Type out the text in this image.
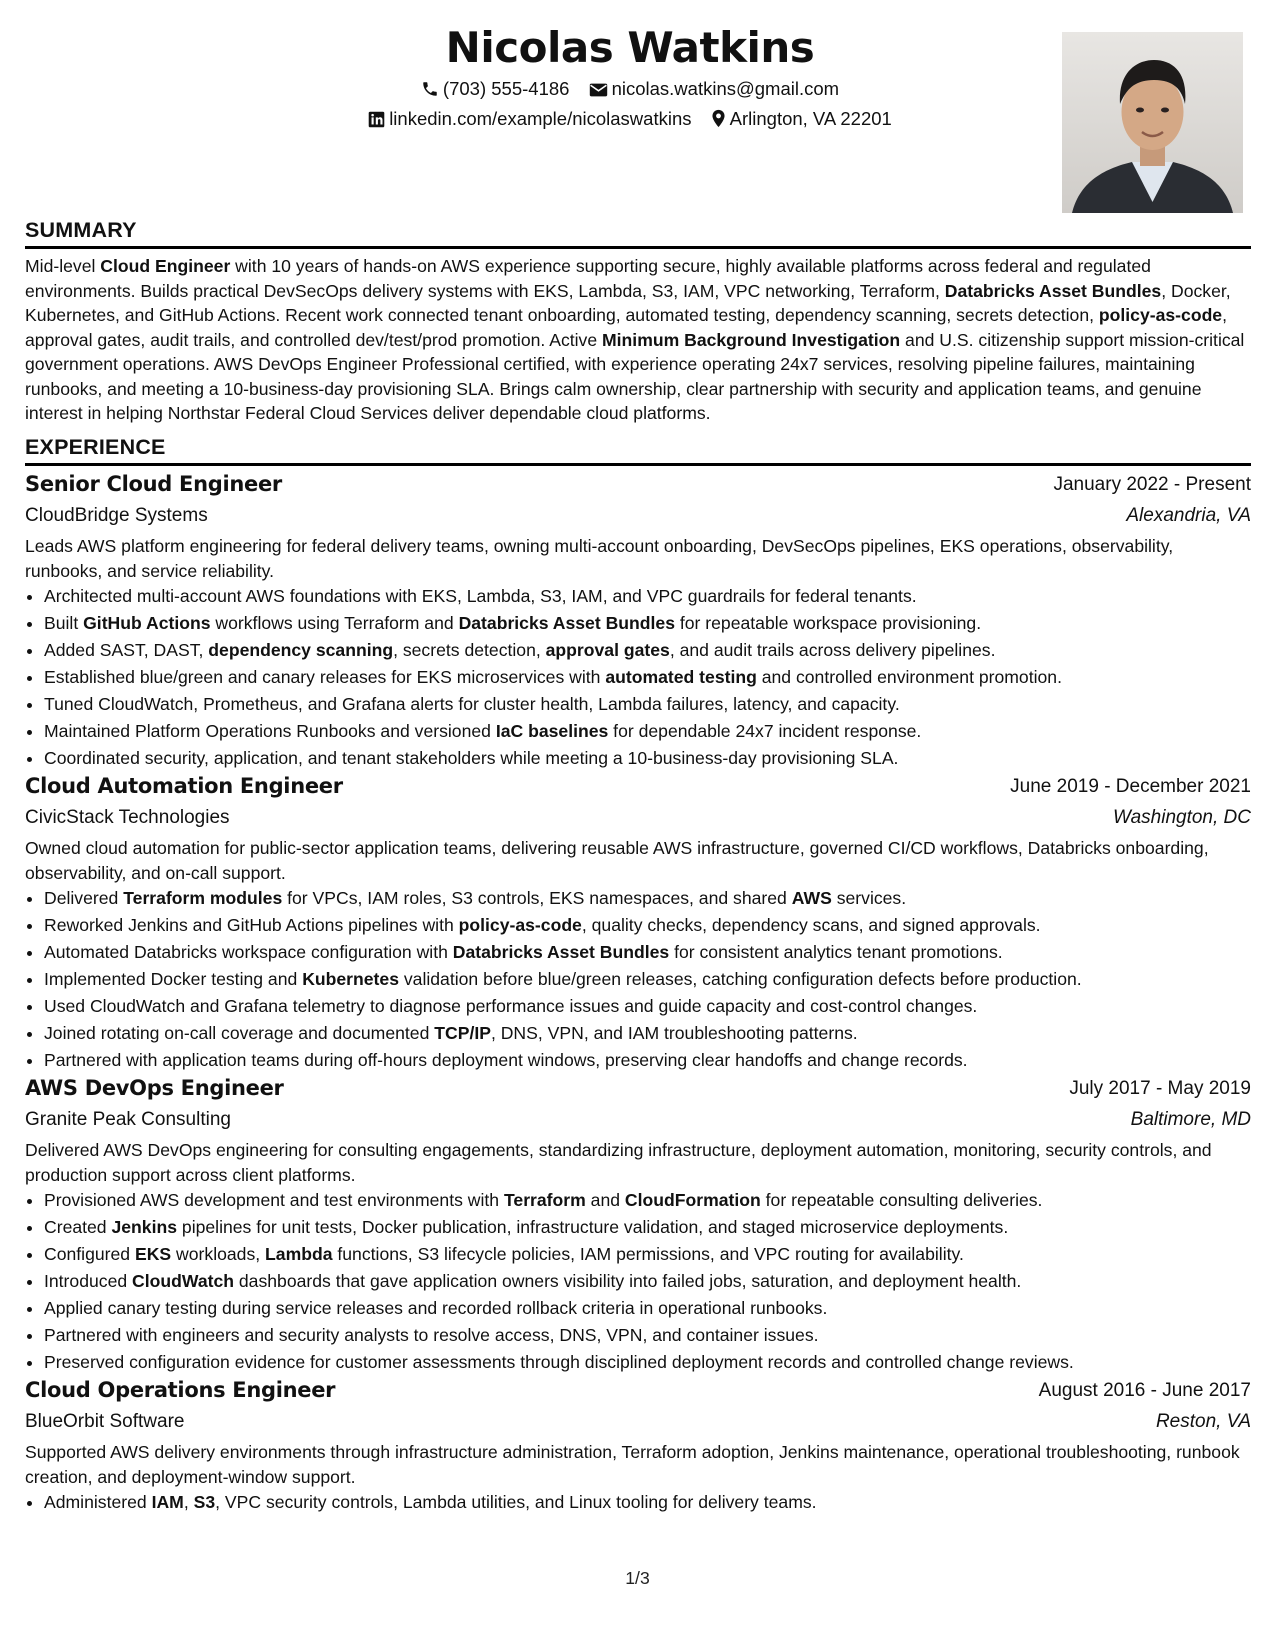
Nicolas Watkins
(703) 555-4186 nicolas.watkins@gmail.com
linkedin.com/example/nicolaswatkins Arlington, VA 22201
SUMMARY

Mid-level Cloud Engineer with 10 years of hands-on AWS experience supporting secure, highly available platforms across federal and regulated environments. Builds practical DevSecOps delivery systems with EKS, Lambda, S3, IAM, VPC networking, Terraform, Databricks Asset Bundles, Docker, Kubernetes, and GitHub Actions. Recent work connected tenant onboarding, automated testing, dependency scanning, secrets detection, policy-as-code, approval gates, audit trails, and controlled dev/test/prod promotion. Active Minimum Background Investigation and U.S. citizenship support mission-critical government operations. AWS DevOps Engineer Professional certified, with experience operating 24x7 services, resolving pipeline failures, maintaining runbooks, and meeting a 10-business-day provisioning SLA. Brings calm ownership, clear partnership with security and application teams, and genuine interest in helping Northstar Federal Cloud Services deliver dependable cloud platforms.

EXPERIENCE
Senior Cloud Engineer	January 2022 - Present
CloudBridge Systems	Alexandria, VA

Leads AWS platform engineering for federal delivery teams, owning multi-account onboarding, DevSecOps pipelines, EKS operations, observability, runbooks, and service reliability.

• Architected multi-account AWS foundations with EKS, Lambda, S3, IAM, and VPC guardrails for federal tenants.
• Built GitHub Actions workflows using Terraform and Databricks Asset Bundles for repeatable workspace provisioning.
• Added SAST, DAST, dependency scanning, secrets detection, approval gates, and audit trails across delivery pipelines.
• Established blue/green and canary releases for EKS microservices with automated testing and controlled environment promotion.
• Tuned CloudWatch, Prometheus, and Grafana alerts for cluster health, Lambda failures, latency, and capacity.
• Maintained Platform Operations Runbooks and versioned IaC baselines for dependable 24x7 incident response.
• Coordinated security, application, and tenant stakeholders while meeting a 10-business-day provisioning SLA.
Cloud Automation Engineer	June 2019 - December 2021
CivicStack Technologies	Washington, DC

Owned cloud automation for public-sector application teams, delivering reusable AWS infrastructure, governed CI/CD workflows, Databricks onboarding, observability, and on-call support.

• Delivered Terraform modules for VPCs, IAM roles, S3 controls, EKS namespaces, and shared AWS services.
• Reworked Jenkins and GitHub Actions pipelines with policy-as-code, quality checks, dependency scans, and signed approvals.
• Automated Databricks workspace configuration with Databricks Asset Bundles for consistent analytics tenant promotions.
• Implemented Docker testing and Kubernetes validation before blue/green releases, catching configuration defects before production.
• Used CloudWatch and Grafana telemetry to diagnose performance issues and guide capacity and cost-control changes.
• Joined rotating on-call coverage and documented TCP/IP, DNS, VPN, and IAM troubleshooting patterns.
• Partnered with application teams during off-hours deployment windows, preserving clear handoffs and change records.
AWS DevOps Engineer	July 2017 - May 2019
Granite Peak Consulting	Baltimore, MD

Delivered AWS DevOps engineering for consulting engagements, standardizing infrastructure, deployment automation, monitoring, security controls, and production support across client platforms.

• Provisioned AWS development and test environments with Terraform and CloudFormation for repeatable consulting deliveries.
• Created Jenkins pipelines for unit tests, Docker publication, infrastructure validation, and staged microservice deployments.
• Configured EKS workloads, Lambda functions, S3 lifecycle policies, IAM permissions, and VPC routing for availability.
• Introduced CloudWatch dashboards that gave application owners visibility into failed jobs, saturation, and deployment health.
• Applied canary testing during service releases and recorded rollback criteria in operational runbooks.
• Partnered with engineers and security analysts to resolve access, DNS, VPN, and container issues.
• Preserved configuration evidence for customer assessments through disciplined deployment records and controlled change reviews.
Cloud Operations Engineer	August 2016 - June 2017
BlueOrbit Software	Reston, VA

Supported AWS delivery environments through infrastructure administration, Terraform adoption, Jenkins maintenance, operational troubleshooting, runbook creation, and deployment-window support.

• Administered IAM, S3, VPC security controls, Lambda utilities, and Linux tooling for delivery teams.
1/3
